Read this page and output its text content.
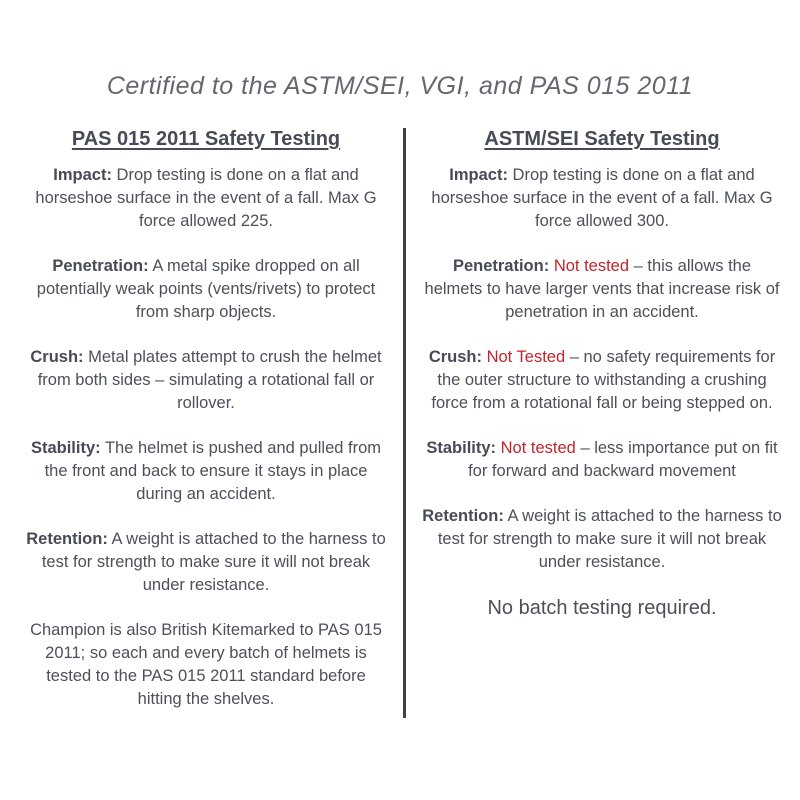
Certified to the ASTM/SEI, VGI, and PAS 015 2011
PAS 015 2011 Safety Testing

Impact: Drop testing is done on a flat and horseshoe surface in the event of a fall. Max G force allowed 225.

Penetration: A metal spike dropped on all potentially weak points (vents/rivets) to protect from sharp objects.

Crush: Metal plates attempt to crush the helmet from both sides – simulating a rotational fall or rollover.

Stability: The helmet is pushed and pulled from the front and back to ensure it stays in place during an accident.

Retention: A weight is attached to the harness to test for strength to make sure it will not break under resistance.

Champion is also British Kitemarked to PAS 015 2011; so each and every batch of helmets is tested to the PAS 015 2011 standard before hitting the shelves.

ASTM/SEI Safety Testing

Impact: Drop testing is done on a flat and horseshoe surface in the event of a fall. Max G force allowed 300.

Penetration: Not tested – this allows the helmets to have larger vents that increase risk of penetration in an accident.

Crush: Not Tested – no safety requirements for the outer structure to withstanding a crushing force from a rotational fall or being stepped on.

Stability: Not tested – less importance put on fit for forward and backward movement

Retention: A weight is attached to the harness to test for strength to make sure it will not break under resistance.

No batch testing required.
